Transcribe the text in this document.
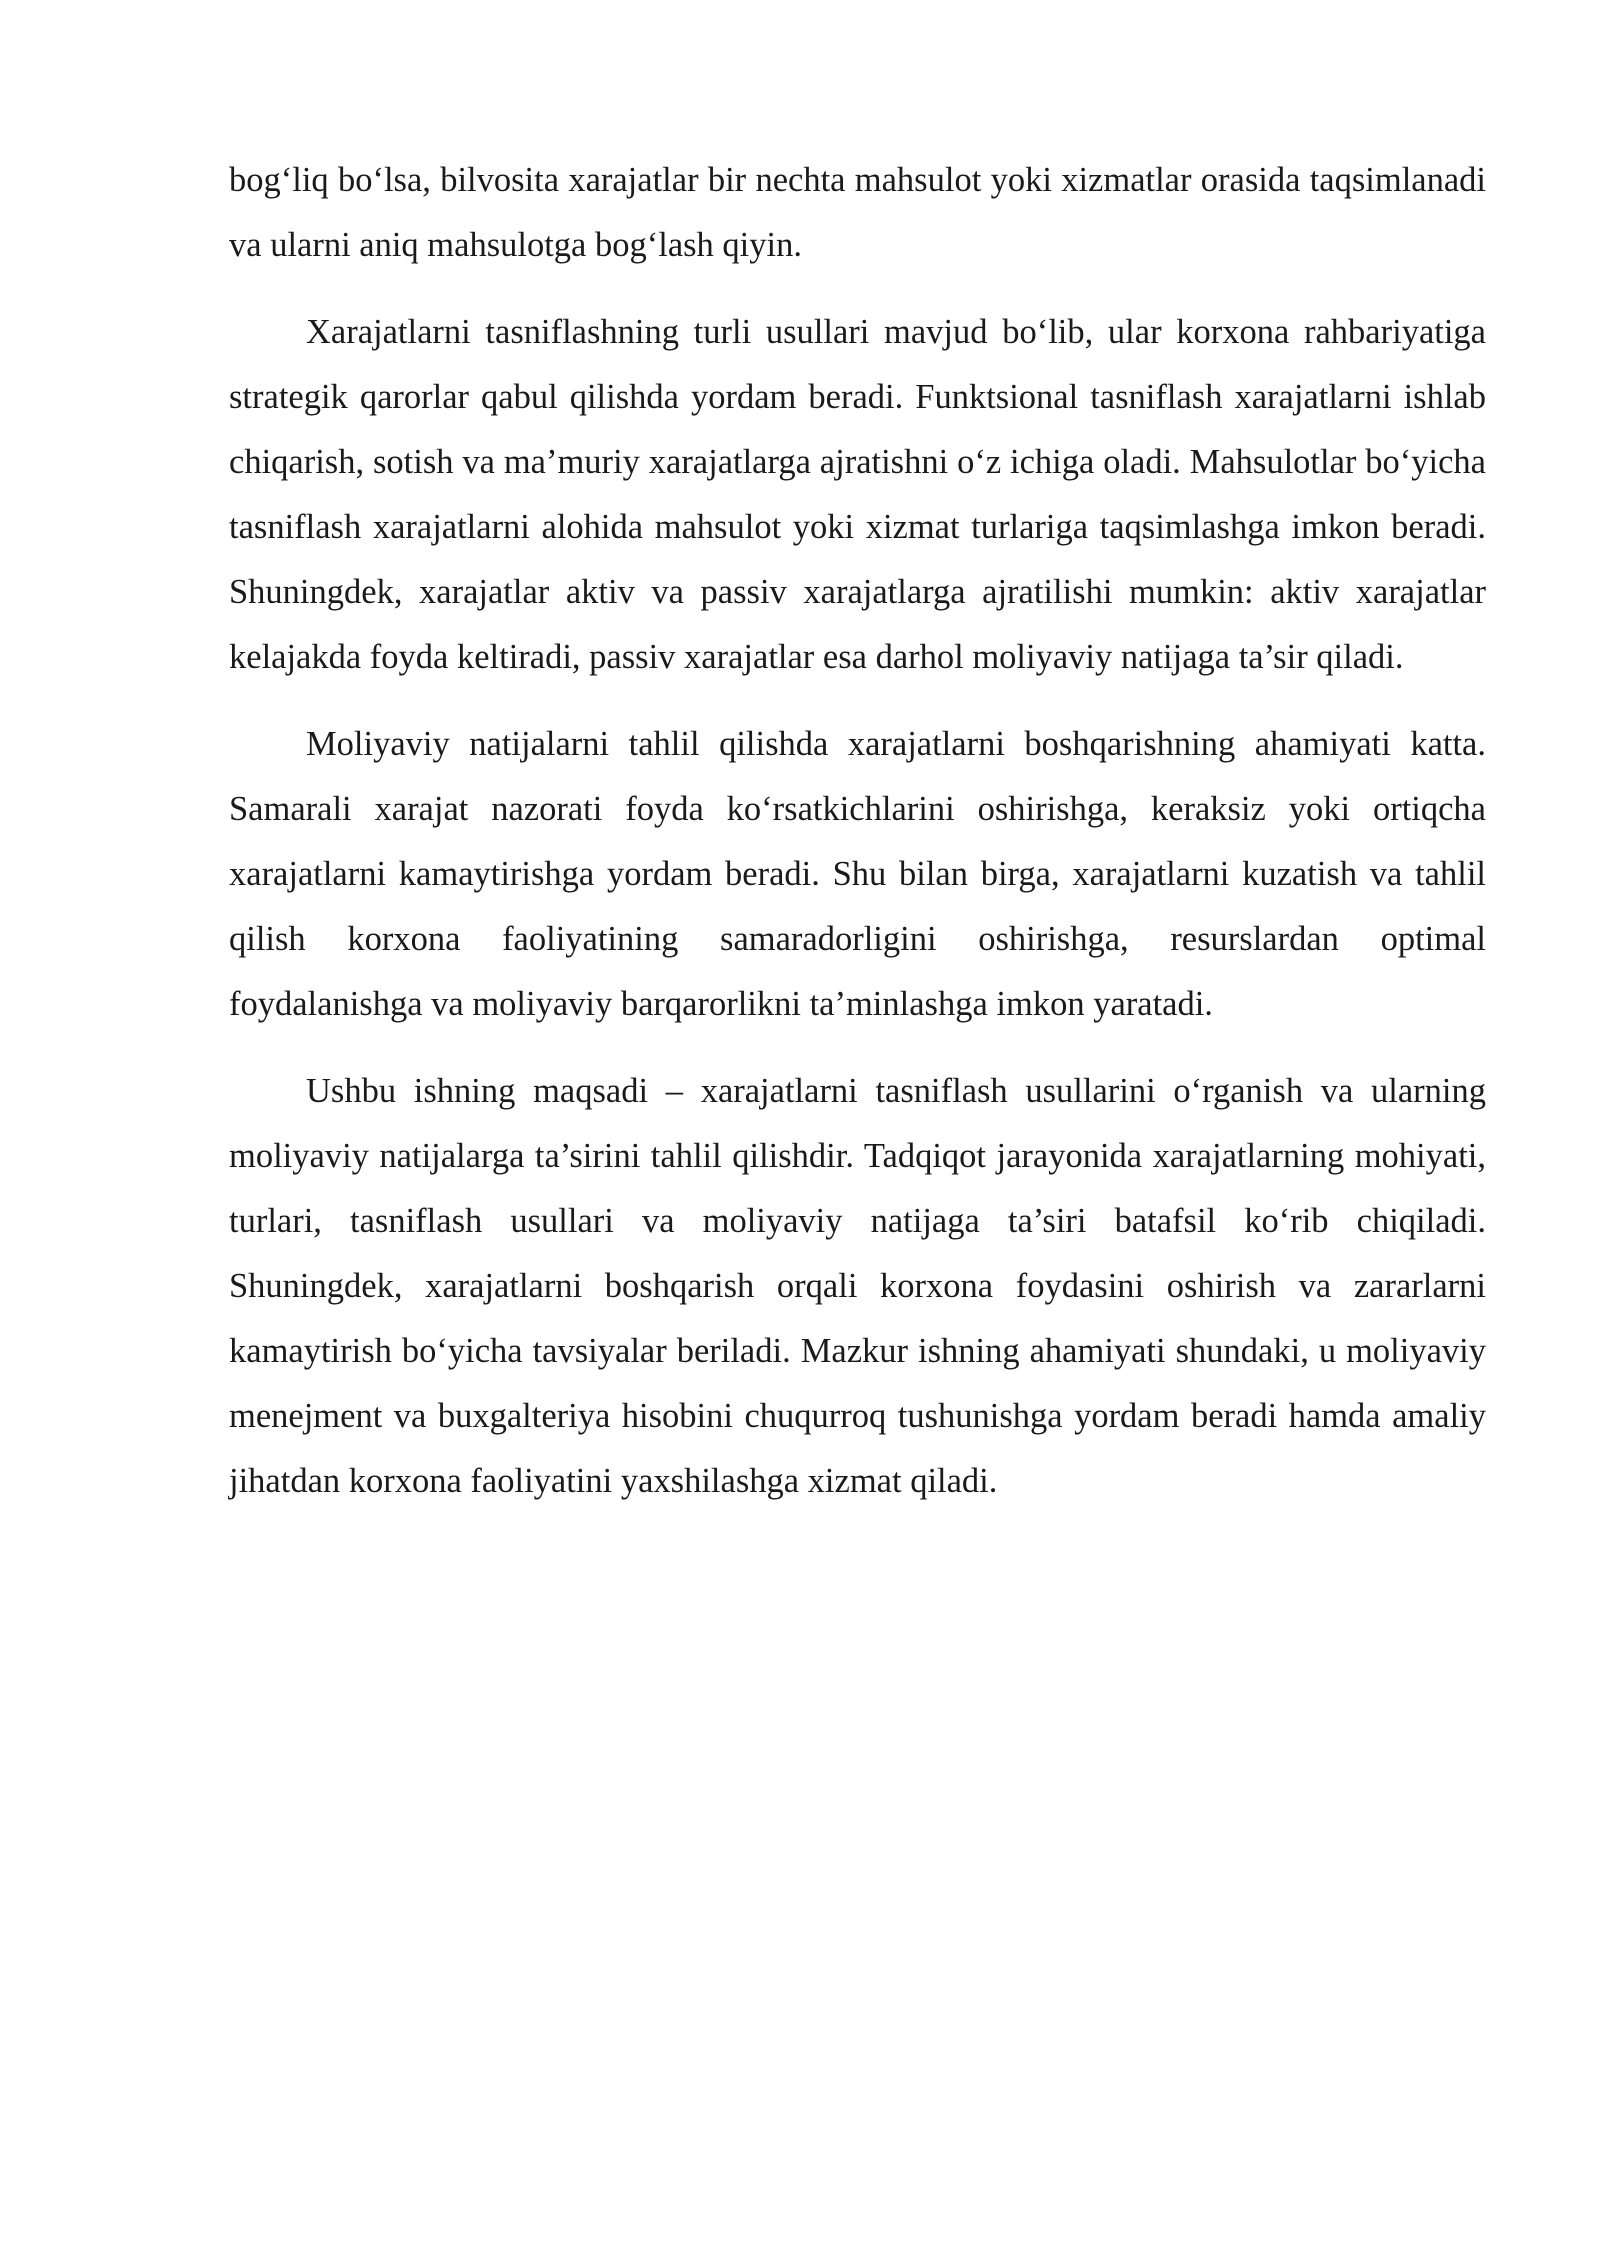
bog‘liq bo‘lsa, bilvosita xarajatlar bir nechta mahsulot yoki xizmatlar orasida taqsimlanadi va ularni aniq mahsulotga bog‘lash qiyin.

Xarajatlarni tasniflashning turli usullari mavjud bo‘lib, ular korxona rahbariyatiga strategik qarorlar qabul qilishda yordam beradi. Funktsional tasniflash xarajatlarni ishlab chiqarish, sotish va ma’muriy xarajatlarga ajratishni o‘z ichiga oladi. Mahsulotlar bo‘yicha tasniflash xarajatlarni alohida mahsulot yoki xizmat turlariga taqsimlashga imkon beradi. Shuningdek, xarajatlar aktiv va passiv xarajatlarga ajratilishi mumkin: aktiv xarajatlar kelajakda foyda keltiradi, passiv xarajatlar esa darhol moliyaviy natijaga ta’sir qiladi.

Moliyaviy natijalarni tahlil qilishda xarajatlarni boshqarishning ahamiyati katta. Samarali xarajat nazorati foyda ko‘rsatkichlarini oshirishga, keraksiz yoki ortiqcha xarajatlarni kamaytirishga yordam beradi. Shu bilan birga, xarajatlarni kuzatish va tahlil qilish korxona faoliyatining samaradorligini oshirishga, resurslardan optimal foydalanishga va moliyaviy barqarorlikni ta’minlashga imkon yaratadi.

Ushbu ishning maqsadi – xarajatlarni tasniflash usullarini o‘rganish va ularning moliyaviy natijalarga ta’sirini tahlil qilishdir. Tadqiqot jarayonida xarajatlarning mohiyati, turlari, tasniflash usullari va moliyaviy natijaga ta’siri batafsil ko‘rib chiqiladi. Shuningdek, xarajatlarni boshqarish orqali korxona foydasini oshirish va zararlarni kamaytirish bo‘yicha tavsiyalar beriladi. Mazkur ishning ahamiyati shundaki, u moliyaviy menejment va buxgalteriya hisobini chuqurroq tushunishga yordam beradi hamda amaliy jihatdan korxona faoliyatini yaxshilashga xizmat qiladi.
